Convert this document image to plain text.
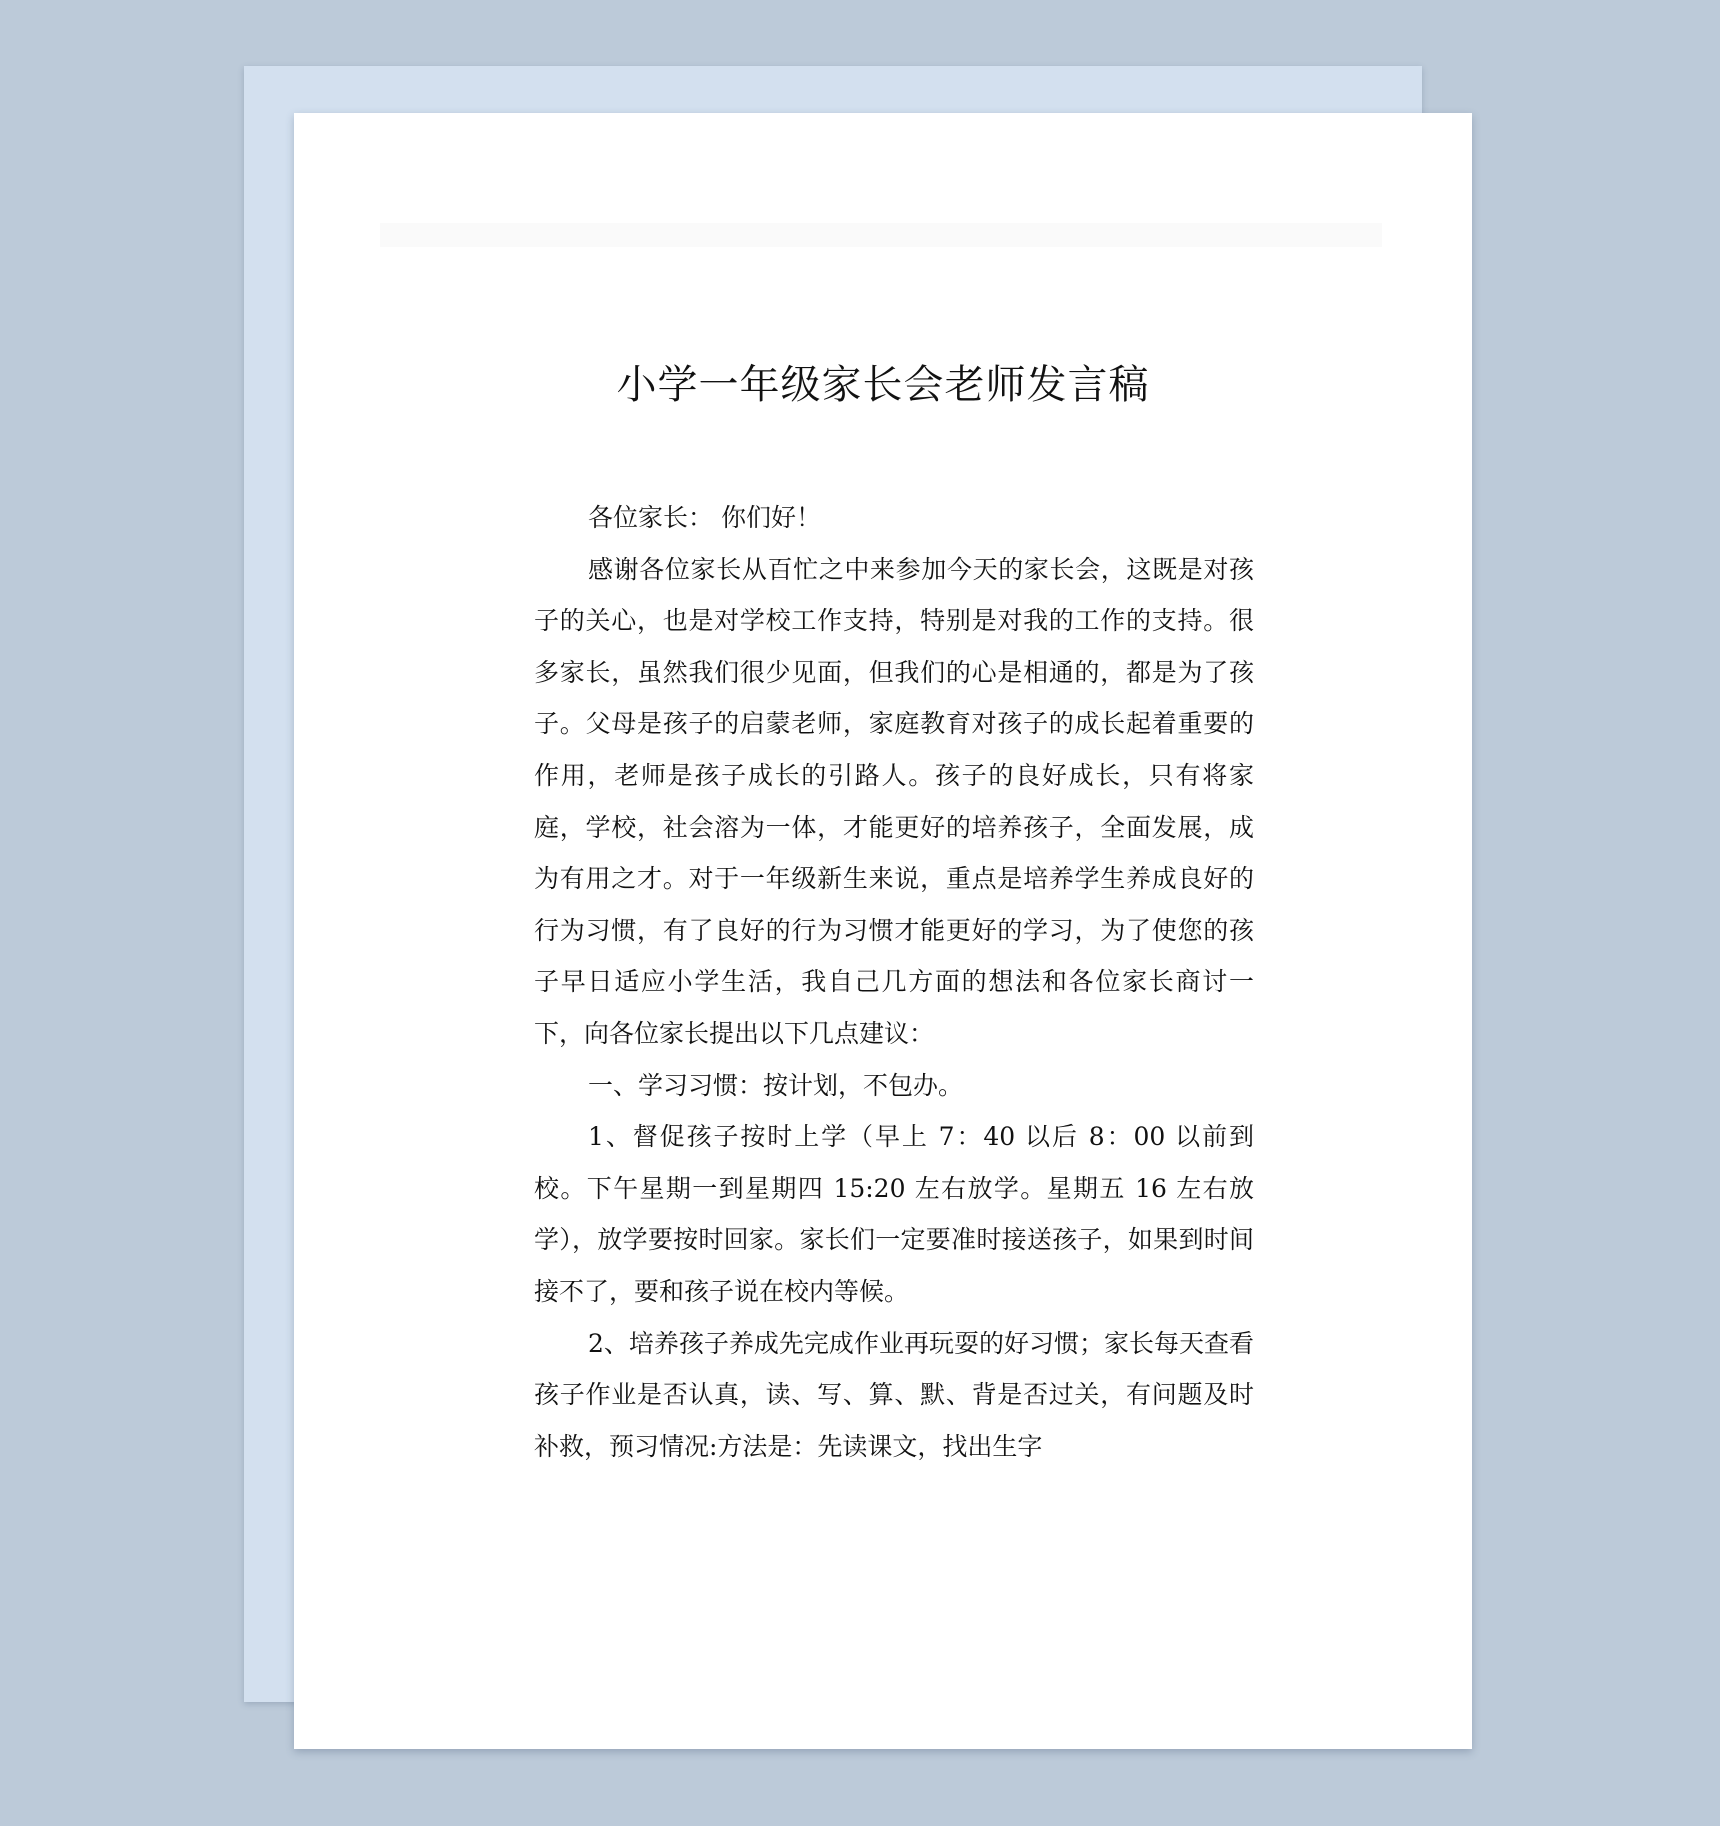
小学一年级家长会老师发言稿

各位家长： 你们好！

感谢各位家长从百忙之中来参加今天的家长会，这既是对孩子的关心，也是对学校工作支持，特别是对我的工作的支持。很多家长，虽然我们很少见面，但我们的心是相通的，都是为了孩子。父母是孩子的启蒙老师，家庭教育对孩子的成长起着重要的作用，老师是孩子成长的引路人。孩子的良好成长，只有将家庭，学校，社会溶为一体，才能更好的培养孩子，全面发展，成为有用之才。对于一年级新生来说，重点是培养学生养成良好的行为习惯，有了良好的行为习惯才能更好的学习，为了使您的孩子早日适应小学生活，我自己几方面的想法和各位家长商讨一下，向各位家长提出以下几点建议：

一、学习习惯：按计划，不包办。

1、督促孩子按时上学（早上 7：40 以后 8：00 以前到校。下午星期一到星期四 15:20 左右放学。星期五 16 左右放学），放学要按时回家。家长们一定要准时接送孩子，如果到时间接不了，要和孩子说在校内等候。

2、培养孩子养成先完成作业再玩耍的好习惯；家长每天查看孩子作业是否认真，读、写、算、默、背是否过关，有问题及时补救，预习情况:方法是：先读课文，找出生字
